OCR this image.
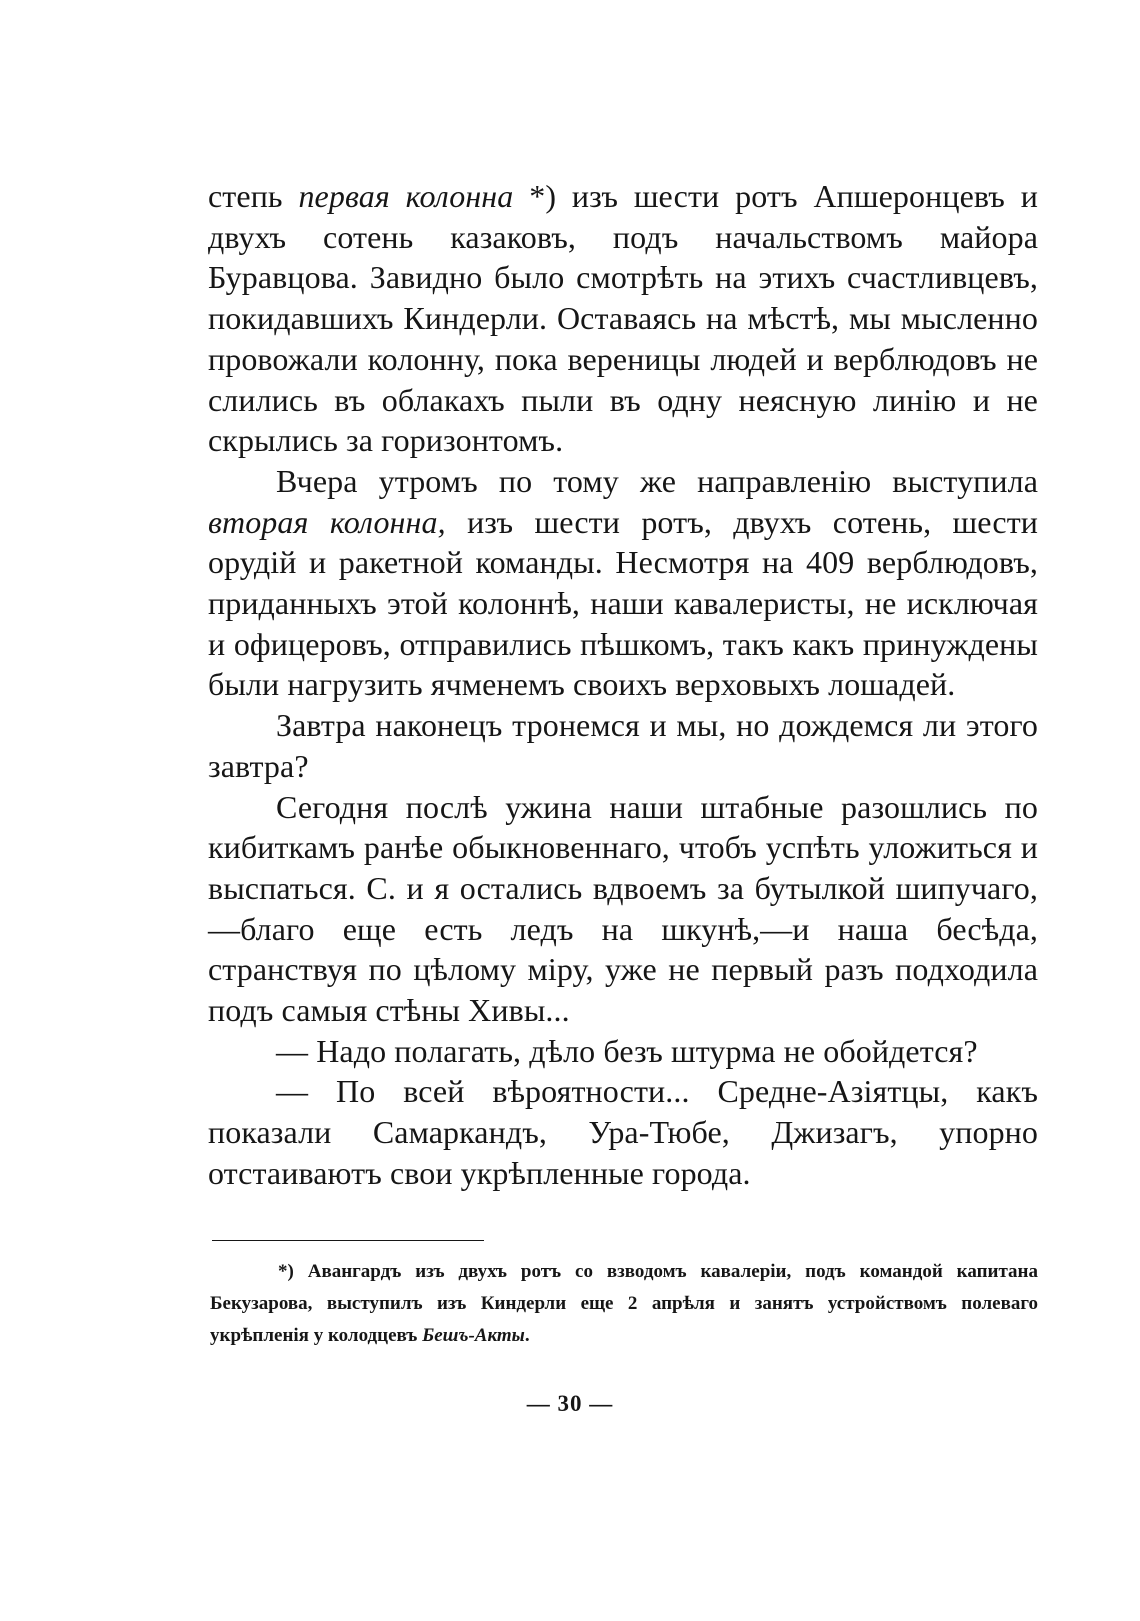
степь первая колонна *) изъ шести ротъ Апшеронцевъ и двухъ сотень казаковъ, подъ начальствомъ майора Буравцова. Завидно было смотрѣть на этихъ счастливцевъ, покидавшихъ Киндерли. Оставаясь на мѣстѣ, мы мысленно провожали колонну, пока вереницы людей и верблюдовъ не слились въ облакахъ пыли въ одну неясную линію и не скрылись за горизонтомъ.

Вчера утромъ по тому же направленію выступила вторая колонна, изъ шести ротъ, двухъ сотень, шести орудій и ракетной команды. Несмотря на 409 верблюдовъ, приданныхъ этой колоннѣ, наши кавалеристы, не исключая и офицеровъ, отправились пѣшкомъ, такъ какъ принуждены были нагрузить ячменемъ своихъ верховыхъ лошадей.

Завтра наконецъ тронемся и мы, но дождемся ли этого завтра?

Сегодня послѣ ужина наши штабные разошлись по кибиткамъ ранѣе обыкновеннаго, чтобъ успѣть уложиться и выспаться. С. и я остались вдвоемъ за бутылкой шипучаго,—благо еще есть ледъ на шкунѣ,—и наша бесѣда, странствуя по цѣлому міру, уже не первый разъ подходила подъ самыя стѣны Хивы...

— Надо полагать, дѣло безъ штурма не обойдется?

— По всей вѣроятности... Средне-Азіятцы, какъ показали Самаркандъ, Ура-Тюбе, Джизагъ, упорно отстаиваютъ свои укрѣпленные города.

*) Авангардъ изъ двухъ ротъ со взводомъ кавалеріи, подъ командой капитана Бекузарова, выступилъ изъ Киндерли еще 2 апрѣля и занятъ устройствомъ полеваго укрѣпленія у колодцевъ Бешъ-Акты.

— 30 —
